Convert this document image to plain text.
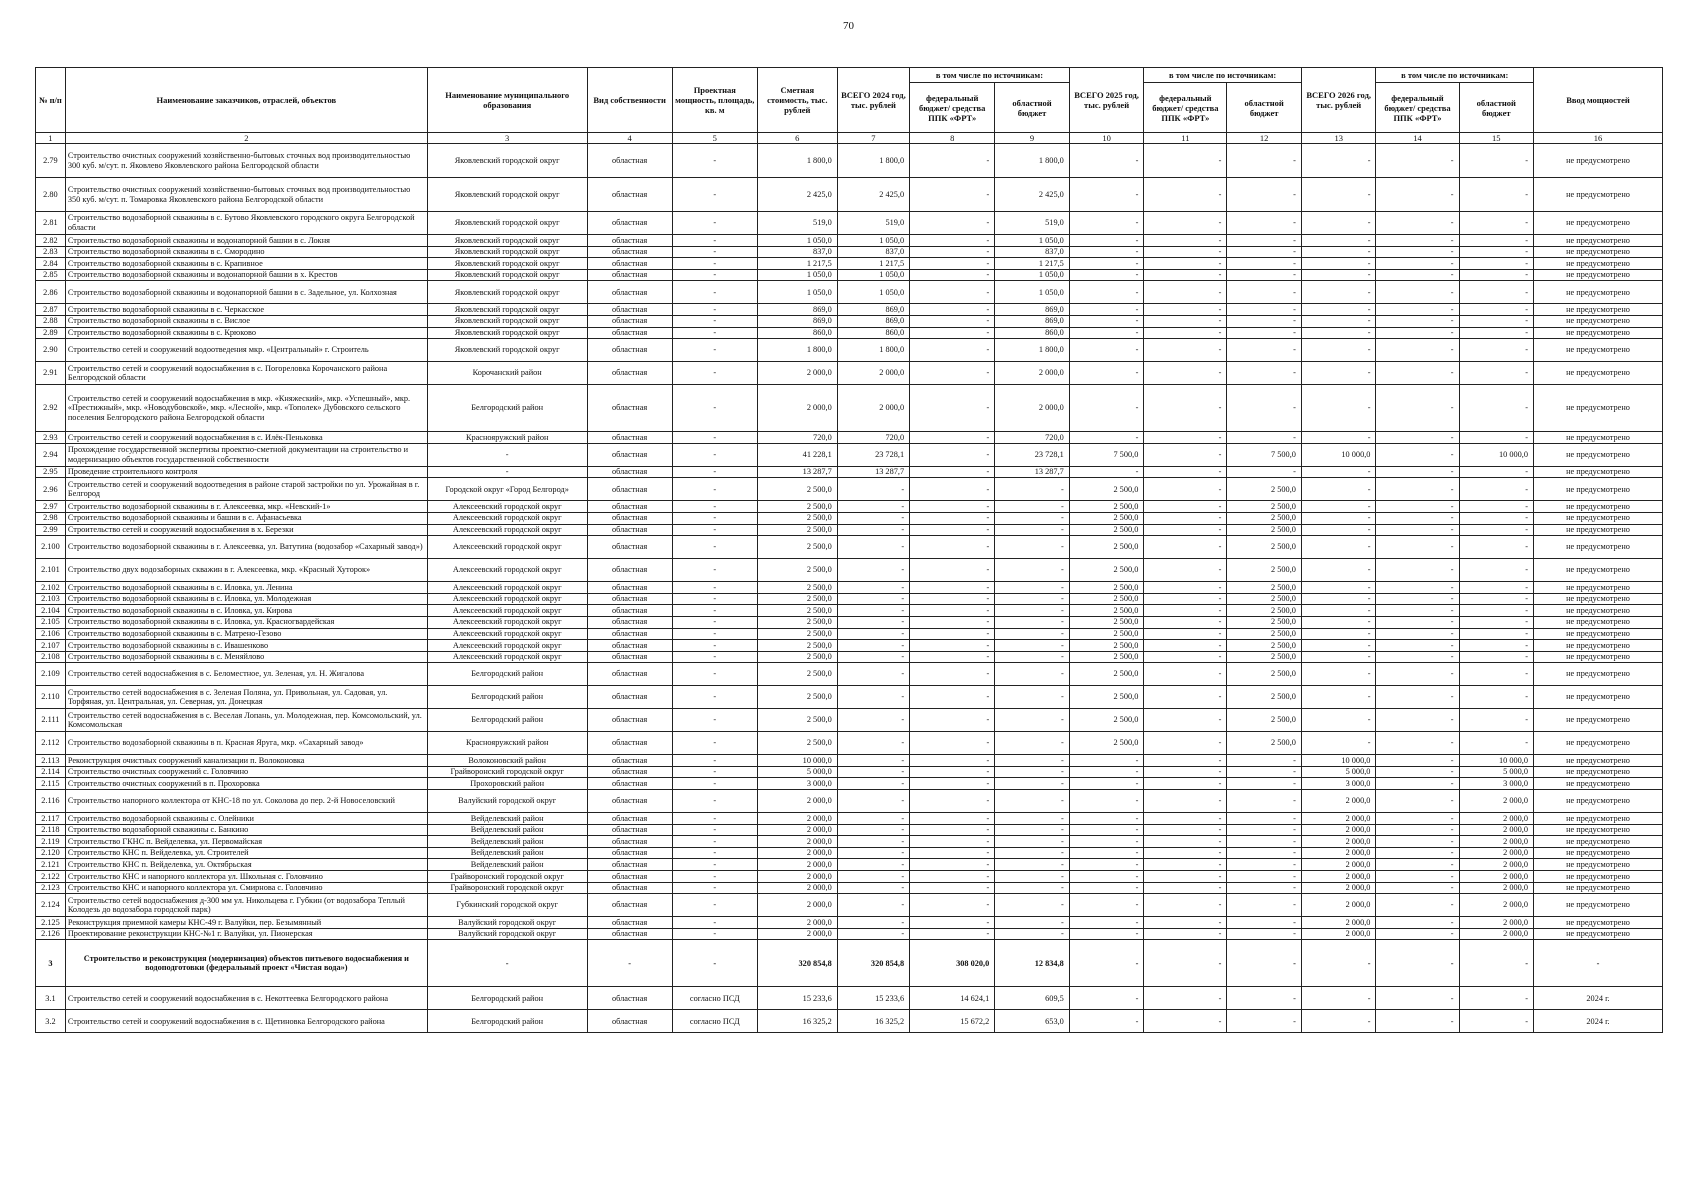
70
№ п/п	Наименование заказчиков, отраслей, объектов	Наименование муниципального образования	Вид собственности	Проектная мощность, площадь, кв. м	Сметная стоимость, тыс. рублей	ВСЕГО 2024 год, тыс. рублей	в том числе по источникам:		ВСЕГО 2025 год, тыс. рублей	в том числе по источникам:		ВСЕГО 2026 год, тыс. рублей	в том числе по источникам:		Ввод мощностей
							федеральный бюджет/ средства ППК «ФРТ»	областной бюджет		федеральный бюджет/ средства ППК «ФРТ»	областной бюджет		федеральный бюджет/ средства ППК «ФРТ»	областной бюджет	
1	2	3	4	5	6	7	8	9	10	11	12	13	14	15	16
2.79	Строительство очистных сооружений хозяйственно-бытовых сточных вод производительностью 300 куб. м/сут. п. Яковлево Яковлевского района Белгородской области	Яковлевский городской округ	областная	-	1 800,0	1 800,0	-	1 800,0	-	-	-	-	-	-	не предусмотрено
2.80	Строительство очистных сооружений хозяйственно-бытовых сточных вод производительностью 350 куб. м/сут. п. Томаровка Яковлевского района Белгородской области	Яковлевский городской округ	областная	-	2 425,0	2 425,0	-	2 425,0	-	-	-	-	-	-	не предусмотрено
2.81	Строительство водозаборной скважины в с. Бутово Яковлевского городского округа Белгородской области	Яковлевский городской округ	областная	-	519,0	519,0	-	519,0	-	-	-	-	-	-	не предусмотрено
2.82	Строительство водозаборной скважины и водонапорной башни в с. Локня	Яковлевский городской округ	областная	-	1 050,0	1 050,0	-	1 050,0	-	-	-	-	-	-	не предусмотрено
2.83	Строительство водозаборной скважины в с. Смородино	Яковлевский городской округ	областная	-	837,0	837,0	-	837,0	-	-	-	-	-	-	не предусмотрено
2.84	Строительство водозаборной скважины в с. Крапивное	Яковлевский городской округ	областная	-	1 217,5	1 217,5	-	1 217,5	-	-	-	-	-	-	не предусмотрено
2.85	Строительство водозаборной скважины и водонапорной башни в х. Крестов	Яковлевский городской округ	областная	-	1 050,0	1 050,0	-	1 050,0	-	-	-	-	-	-	не предусмотрено
2.86	Строительство водозаборной скважины и водонапорной башни в с. Задельное, ул. Колхозная	Яковлевский городской округ	областная	-	1 050,0	1 050,0	-	1 050,0	-	-	-	-	-	-	не предусмотрено
2.87	Строительство водозаборной скважины в с. Черкасское	Яковлевский городской округ	областная	-	869,0	869,0	-	869,0	-	-	-	-	-	-	не предусмотрено
2.88	Строительство водозаборной скважины в с. Вислое	Яковлевский городской округ	областная	-	869,0	869,0	-	869,0	-	-	-	-	-	-	не предусмотрено
2.89	Строительство водозаборной скважины в с. Крюково	Яковлевский городской округ	областная	-	860,0	860,0	-	860,0	-	-	-	-	-	-	не предусмотрено
2.90	Строительство сетей и сооружений водоотведения мкр. «Центральный» г. Строитель	Яковлевский городской округ	областная	-	1 800,0	1 800,0	-	1 800,0	-	-	-	-	-	-	не предусмотрено
2.91	Строительство сетей и сооружений водоснабжения в с. Погореловка Корочанского района Белгородской области	Корочанский район	областная	-	2 000,0	2 000,0	-	2 000,0	-	-	-	-	-	-	не предусмотрено
2.92	Строительство сетей и сооружений водоснабжения в мкр. «Княжеский», мкр. «Успешный», мкр. «Престижный», мкр. «Новодубовской», мкр. «Лесной», мкр. «Тополек» Дубовского сельского поселения Белгородского района Белгородской области	Белгородский район	областная	-	2 000,0	2 000,0	-	2 000,0	-	-	-	-	-	-	не предусмотрено
2.93	Строительство сетей и сооружений водоснабжения в с. Илёк-Пеньковка	Краснояружский район	областная	-	720,0	720,0	-	720,0	-	-	-	-	-	-	не предусмотрено
2.94	Прохождение государственной экспертизы проектно-сметной документации на строительство и модернизацию объектов государственной собственности	-	областная	-	41 228,1	23 728,1	-	23 728,1	7 500,0	-	7 500,0	10 000,0	-	10 000,0	не предусмотрено
2.95	Проведение строительного контроля	-	областная	-	13 287,7	13 287,7	-	13 287,7	-	-	-	-	-	-	не предусмотрено
2.96	Строительство сетей и сооружений водоотведения в районе старой застройки по ул. Урожайная в г. Белгород	Городской округ «Город Белгород»	областная	-	2 500,0	-	-	-	2 500,0	-	2 500,0	-	-	-	не предусмотрено
2.97	Строительство водозаборной скважины в г. Алексеевка, мкр. «Невский-1»	Алексеевский городской округ	областная	-	2 500,0	-	-	-	2 500,0	-	2 500,0	-	-	-	не предусмотрено
2.98	Строительство водозаборной скважины и башни в с. Афанасьевка	Алексеевский городской округ	областная	-	2 500,0	-	-	-	2 500,0	-	2 500,0	-	-	-	не предусмотрено
2.99	Строительство сетей и сооружений водоснабжения в х. Березки	Алексеевский городской округ	областная	-	2 500,0	-	-	-	2 500,0	-	2 500,0	-	-	-	не предусмотрено
2.100	Строительство водозаборной скважины в г. Алексеевка, ул. Ватутина (водозабор «Сахарный завод»)	Алексеевский городской округ	областная	-	2 500,0	-	-	-	2 500,0	-	2 500,0	-	-	-	не предусмотрено
2.101	Строительство двух водозаборных скважин в г. Алексеевка, мкр. «Красный Хуторок»	Алексеевский городской округ	областная	-	2 500,0	-	-	-	2 500,0	-	2 500,0	-	-	-	не предусмотрено
2.102	Строительство водозаборной скважины в с. Иловка, ул. Ленина	Алексеевский городской округ	областная	-	2 500,0	-	-	-	2 500,0	-	2 500,0	-	-	-	не предусмотрено
2.103	Строительство водозаборной скважины в с. Иловка, ул. Молодежная	Алексеевский городской округ	областная	-	2 500,0	-	-	-	2 500,0	-	2 500,0	-	-	-	не предусмотрено
2.104	Строительство водозаборной скважины в с. Иловка, ул. Кирова	Алексеевский городской округ	областная	-	2 500,0	-	-	-	2 500,0	-	2 500,0	-	-	-	не предусмотрено
2.105	Строительство водозаборной скважины в с. Иловка, ул. Красногвардейская	Алексеевский городской округ	областная	-	2 500,0	-	-	-	2 500,0	-	2 500,0	-	-	-	не предусмотрено
2.106	Строительство водозаборной скважины в с. Матрено-Гезово	Алексеевский городской округ	областная	-	2 500,0	-	-	-	2 500,0	-	2 500,0	-	-	-	не предусмотрено
2.107	Строительство водозаборной скважины в с. Ивашенково	Алексеевский городской округ	областная	-	2 500,0	-	-	-	2 500,0	-	2 500,0	-	-	-	не предусмотрено
2.108	Строительство водозаборной скважины в с. Меняйлово	Алексеевский городской округ	областная	-	2 500,0	-	-	-	2 500,0	-	2 500,0	-	-	-	не предусмотрено
2.109	Строительство сетей водоснабжения в с. Беломестное, ул. Зеленая, ул. Н. Жигалова	Белгородский район	областная	-	2 500,0	-	-	-	2 500,0	-	2 500,0	-	-	-	не предусмотрено
2.110	Строительство сетей водоснабжения в с. Зеленая Поляна, ул. Привольная, ул. Садовая, ул. Торфяная, ул. Центральная, ул. Северная, ул. Донецкая	Белгородский район	областная	-	2 500,0	-	-	-	2 500,0	-	2 500,0	-	-	-	не предусмотрено
2.111	Строительство сетей водоснабжения в с. Веселая Лопань, ул. Молодежная, пер. Комсомольский, ул. Комсомольская	Белгородский район	областная	-	2 500,0	-	-	-	2 500,0	-	2 500,0	-	-	-	не предусмотрено
2.112	Строительство водозаборной скважины в п. Красная Яруга, мкр. «Сахарный завод»	Краснояружский район	областная	-	2 500,0	-	-	-	2 500,0	-	2 500,0	-	-	-	не предусмотрено
2.113	Реконструкция очистных сооружений канализации п. Волоконовка	Волоконовский район	областная	-	10 000,0	-	-	-	-	-	-	10 000,0	-	10 000,0	не предусмотрено
2.114	Строительство очистных сооружений с. Головчино	Грайворонский городской округ	областная	-	5 000,0	-	-	-	-	-	-	5 000,0	-	5 000,0	не предусмотрено
2.115	Строительство очистных сооружений в п. Прохоровка	Прохоровский район	областная	-	3 000,0	-	-	-	-	-	-	3 000,0	-	3 000,0	не предусмотрено
2.116	Строительство напорного коллектора от КНС-18 по ул. Соколова до пер. 2-й Новоселовский	Валуйский городской округ	областная	-	2 000,0	-	-	-	-	-	-	2 000,0	-	2 000,0	не предусмотрено
2.117	Строительство водозаборной скважины с. Олейники	Вейделевский район	областная	-	2 000,0	-	-	-	-	-	-	2 000,0	-	2 000,0	не предусмотрено
2.118	Строительство водозаборной скважины с. Банкино	Вейделевский район	областная	-	2 000,0	-	-	-	-	-	-	2 000,0	-	2 000,0	не предусмотрено
2.119	Строительство ГКНС п. Вейделевка, ул. Первомайская	Вейделевский район	областная	-	2 000,0	-	-	-	-	-	-	2 000,0	-	2 000,0	не предусмотрено
2.120	Строительство КНС п. Вейделевка, ул. Строителей	Вейделевский район	областная	-	2 000,0	-	-	-	-	-	-	2 000,0	-	2 000,0	не предусмотрено
2.121	Строительство КНС п. Вейделевка, ул. Октябрьская	Вейделевский район	областная	-	2 000,0	-	-	-	-	-	-	2 000,0	-	2 000,0	не предусмотрено
2.122	Строительство КНС и напорного коллектора ул. Школьная с. Головчино	Грайворонский городской округ	областная	-	2 000,0	-	-	-	-	-	-	2 000,0	-	2 000,0	не предусмотрено
2.123	Строительство КНС и напорного коллектора ул. Смирнова с. Головчино	Грайворонский городской округ	областная	-	2 000,0	-	-	-	-	-	-	2 000,0	-	2 000,0	не предусмотрено
2.124	Строительство сетей водоснабжения д-300 мм ул. Никольцева г. Губкин (от водозабора Теплый Колодезь до водозабора городской парк)	Губкинский городской округ	областная	-	2 000,0	-	-	-	-	-	-	2 000,0	-	2 000,0	не предусмотрено
2.125	Реконструкция приемной камеры КНС-49 г. Валуйки, пер. Безымянный	Валуйский городской округ	областная	-	2 000,0	-	-	-	-	-	-	2 000,0	-	2 000,0	не предусмотрено
2.126	Проектирование реконструкции КНС-№1 г. Валуйки, ул. Пионерская	Валуйский городской округ	областная	-	2 000,0	-	-	-	-	-	-	2 000,0	-	2 000,0	не предусмотрено
3	Строительство и реконструкция (модернизация) объектов питьевого водоснабжения и водоподготовки (федеральный проект «Чистая вода»)	-	-	-	320 854,8	320 854,8	308 020,0	12 834,8	-	-	-	-	-	-	-
3.1	Строительство сетей и сооружений водоснабжения в с. Некоттеевка Белгородского района	Белгородский район	областная	согласно ПСД	15 233,6	15 233,6	14 624,1	609,5	-	-	-	-	-	-	2024 г.
3.2	Строительство сетей и сооружений водоснабжения в с. Щетиновка Белгородского района	Белгородский район	областная	согласно ПСД	16 325,2	16 325,2	15 672,2	653,0	-	-	-	-	-	-	2024 г.
